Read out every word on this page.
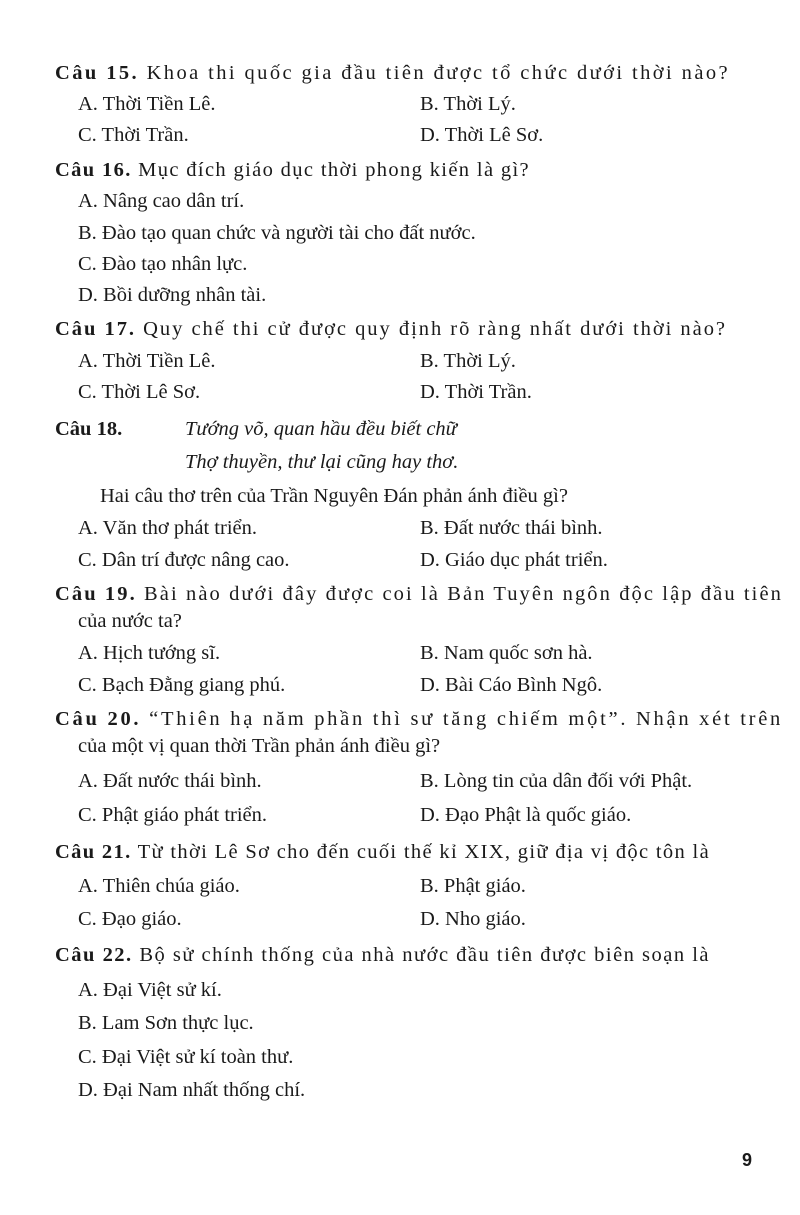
Câu 15. Khoa thi quốc gia đầu tiên được tổ chức dưới thời nào?
A. Thời Tiền Lê.	B. Thời Lý.
C. Thời Trần.	D. Thời Lê Sơ.
Câu 16. Mục đích giáo dục thời phong kiến là gì?
A. Nâng cao dân trí.
B. Đào tạo quan chức và người tài cho đất nước.
C. Đào tạo nhân lực.
D. Bồi dưỡng nhân tài.
Câu 17. Quy chế thi cử được quy định rõ ràng nhất dưới thời nào?
A. Thời Tiền Lê.	B. Thời Lý.
C. Thời Lê Sơ.	D. Thời Trần.
Câu 18.	Tướng võ, quan hầu đều biết chữ
Thợ thuyền, thư lại cũng hay thơ.
Hai câu thơ trên của Trần Nguyên Đán phản ánh điều gì?
A. Văn thơ phát triển.	B. Đất nước thái bình.
C. Dân trí được nâng cao.	D. Giáo dục phát triển.
Câu 19. Bài nào dưới đây được coi là Bản Tuyên ngôn độc lập đầu tiên
của nước ta?
A. Hịch tướng sĩ.	B. Nam quốc sơn hà.
C. Bạch Đằng giang phú.	D. Bài Cáo Bình Ngô.
Câu 20. “Thiên hạ năm phần thì sư tăng chiếm một”. Nhận xét trên
của một vị quan thời Trần phản ánh điều gì?
A. Đất nước thái bình.	B. Lòng tin của dân đối với Phật.
C. Phật giáo phát triển.	D. Đạo Phật là quốc giáo.
Câu 21. Từ thời Lê Sơ cho đến cuối thế kỉ XIX, giữ địa vị độc tôn là
A. Thiên chúa giáo.	B. Phật giáo.
C. Đạo giáo.	D. Nho giáo.
Câu 22. Bộ sử chính thống của nhà nước đầu tiên được biên soạn là
A. Đại Việt sử kí.
B. Lam Sơn thực lục.
C. Đại Việt sử kí toàn thư.
D. Đại Nam nhất thống chí.
9
